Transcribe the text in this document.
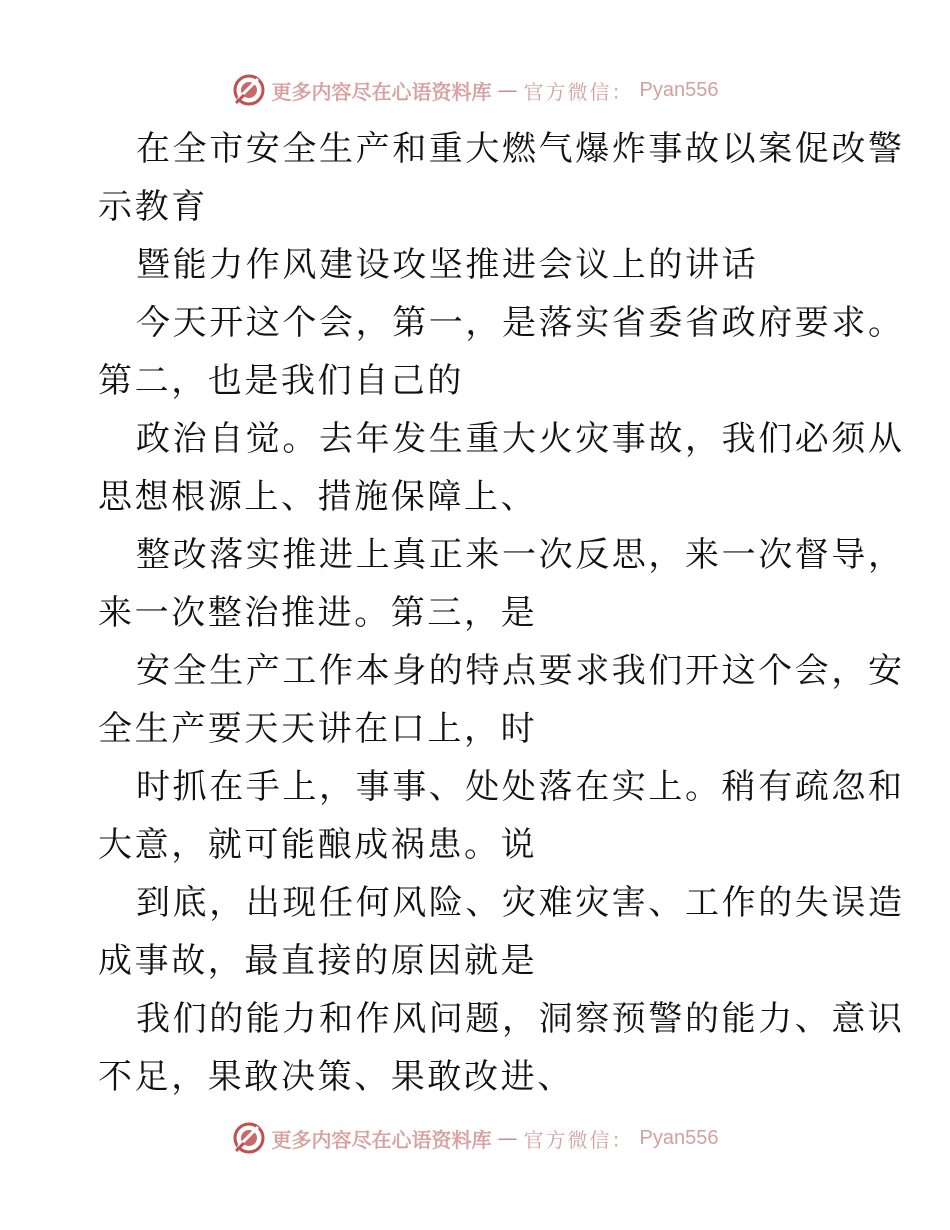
更多内容尽在心语资料库 — 官方微信： Pyan556
在全市安全生产和重大燃气爆炸事故以案促改警
示教育
暨能力作风建设攻坚推进会议上的讲话
今天开这个会，第一，是落实省委省政府要求。
第二，也是我们自己的
政治自觉。去年发生重大火灾事故，我们必须从
思想根源上、措施保障上、
整改落实推进上真正来一次反思，来一次督导，
来一次整治推进。第三，是
安全生产工作本身的特点要求我们开这个会，安
全生产要天天讲在口上，时
时抓在手上，事事、处处落在实上。稍有疏忽和
大意，就可能酿成祸患。说
到底，出现任何风险、灾难灾害、工作的失误造
成事故，最直接的原因就是
我们的能力和作风问题，洞察预警的能力、意识
不足，果敢决策、果敢改进、
更多内容尽在心语资料库 — 官方微信： Pyan556
